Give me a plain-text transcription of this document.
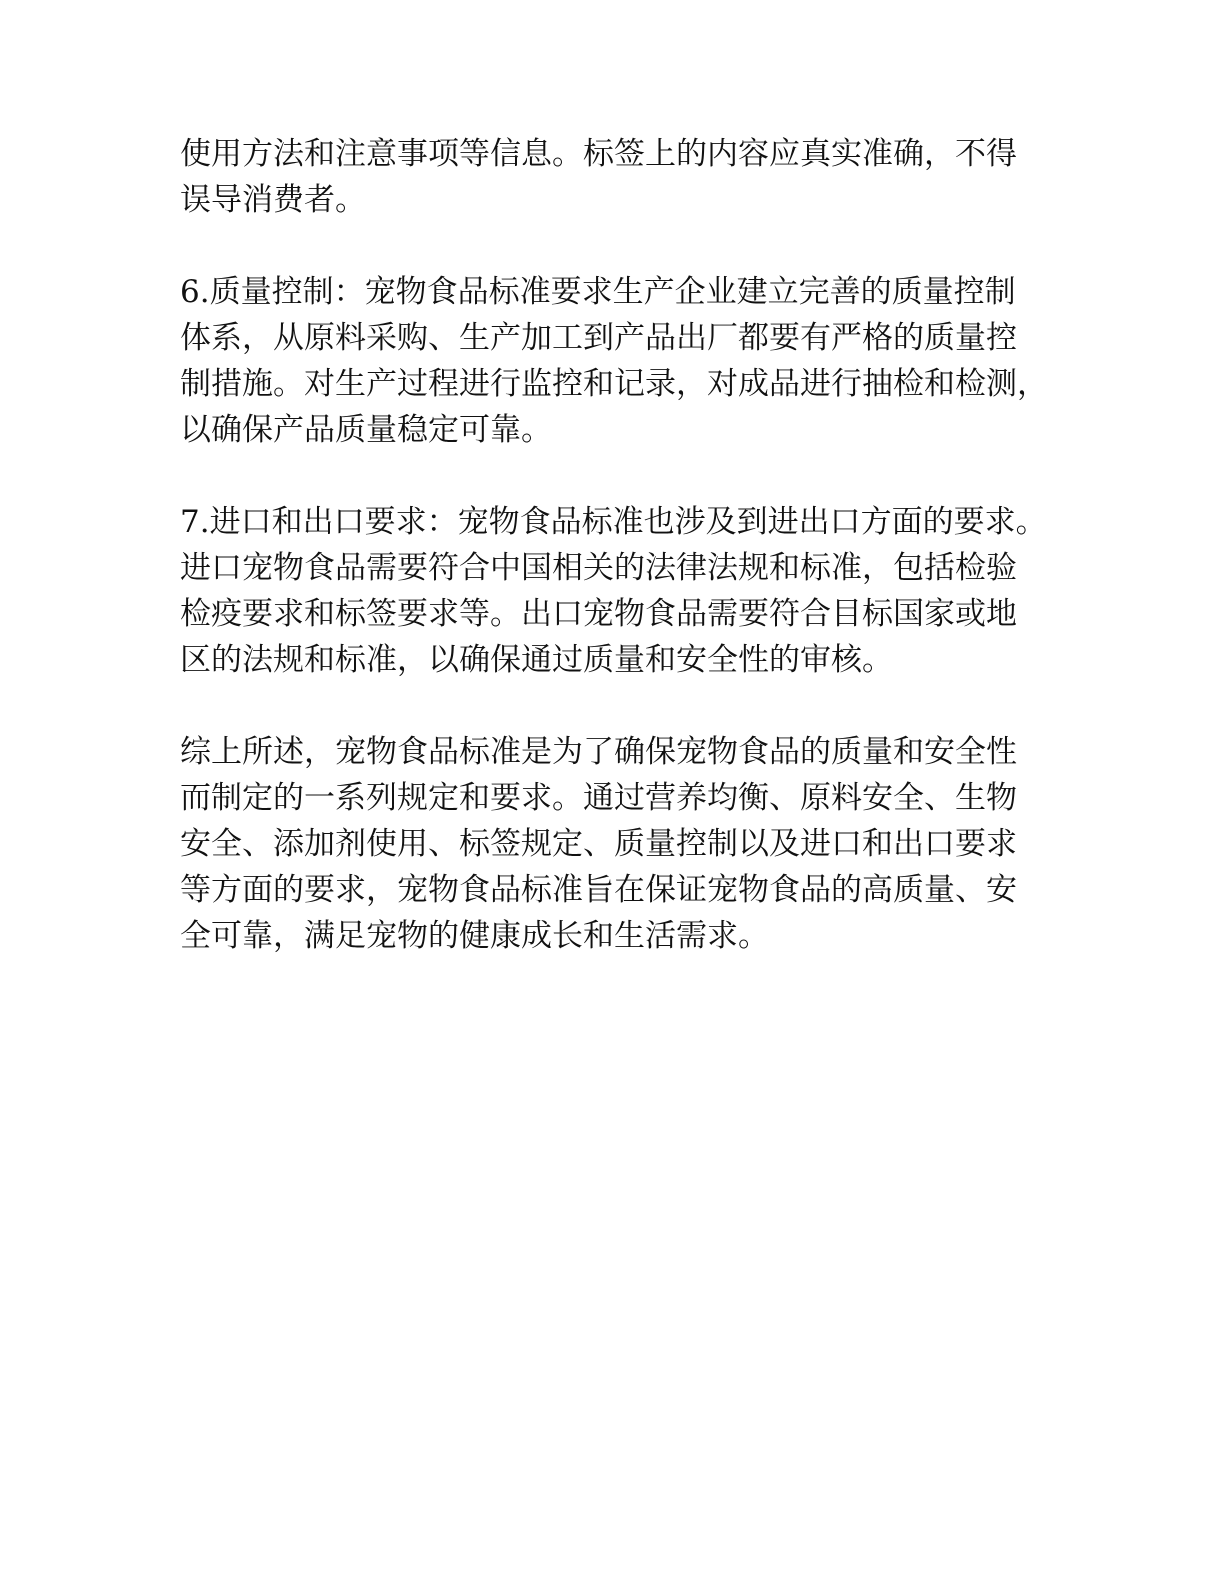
使用方法和注意事项等信息。标签上的内容应真实准确，不得
误导消费者。
6.质量控制：宠物食品标准要求生产企业建立完善的质量控制
体系，从原料采购、生产加工到产品出厂都要有严格的质量控
制措施。对生产过程进行监控和记录，对成品进行抽检和检测，
以确保产品质量稳定可靠。
7.进口和出口要求：宠物食品标准也涉及到进出口方面的要求。
进口宠物食品需要符合中国相关的法律法规和标准，包括检验
检疫要求和标签要求等。出口宠物食品需要符合目标国家或地
区的法规和标准，以确保通过质量和安全性的审核。
综上所述，宠物食品标准是为了确保宠物食品的质量和安全性
而制定的一系列规定和要求。通过营养均衡、原料安全、生物
安全、添加剂使用、标签规定、质量控制以及进口和出口要求
等方面的要求，宠物食品标准旨在保证宠物食品的高质量、安
全可靠，满足宠物的健康成长和生活需求。
